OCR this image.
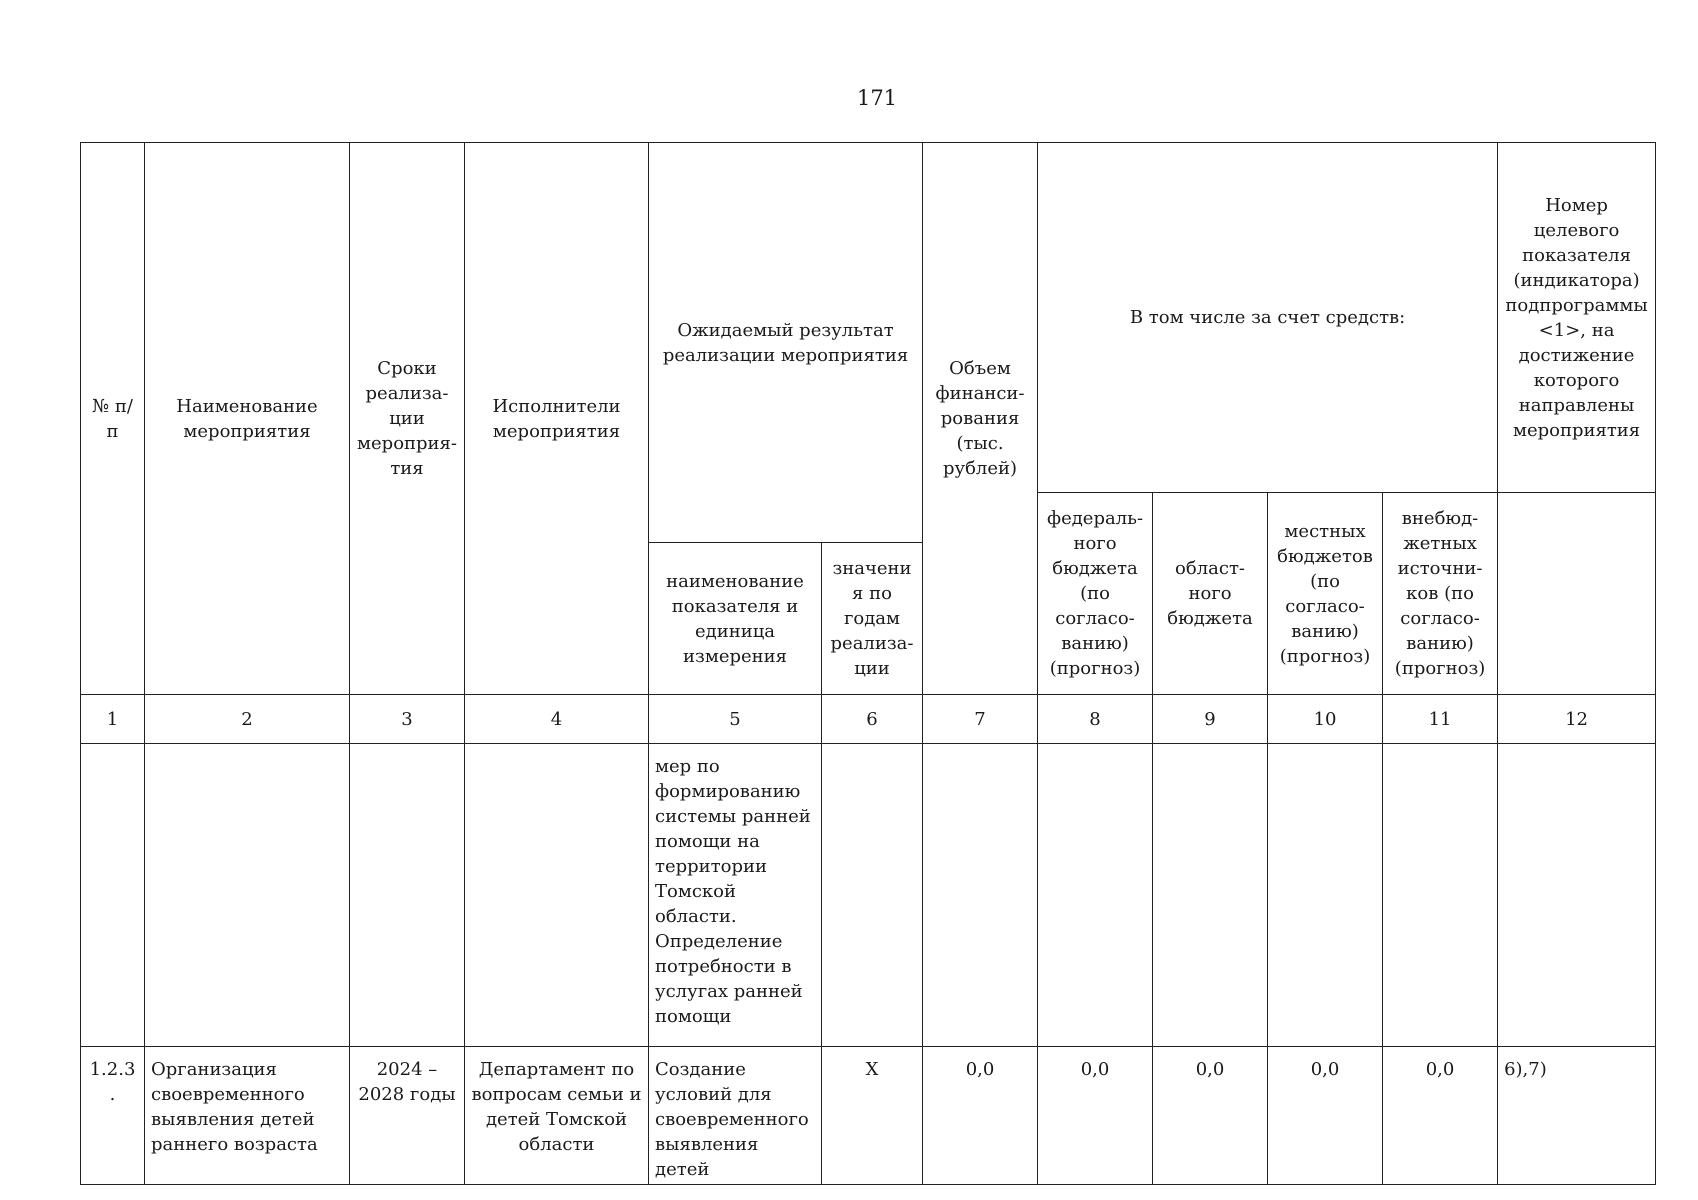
171
№ п/п	Наименование мероприятия	Сроки реализа-ции мероприя-тия	Исполнители мероприятия	Ожидаемый результат реализации мероприятия		Объем финанси-рования (тыс. рублей)	В том числе за счет средств:				Номер целевого показателя (индикатора) подпрограммы <1>, на достижение которого направлены мероприятия
							федераль-ного бюджета (по согласо-ванию) (прогноз)	област-ного бюджета	местных бюджетов (по согласо-ванию) (прогноз)	внебюд-жетных источни-ков (по согласо-ванию) (прогноз)	
				наименование показателя и единица измерения	значения по годам реализа-ции						
1	2	3	4	5	6	7	8	9	10	11	12
				мер по формированию системы ранней помощи на территории Томской области. Определение потребности в услугах ранней помощи							
1.2.3.	Организация своевременного выявления детей раннего возраста	2024 – 2028 годы	Департамент по вопросам семьи и детей Томской области	Создание условий для своевременного выявления детей	X	0,0	0,0	0,0	0,0	0,0	6),7)
